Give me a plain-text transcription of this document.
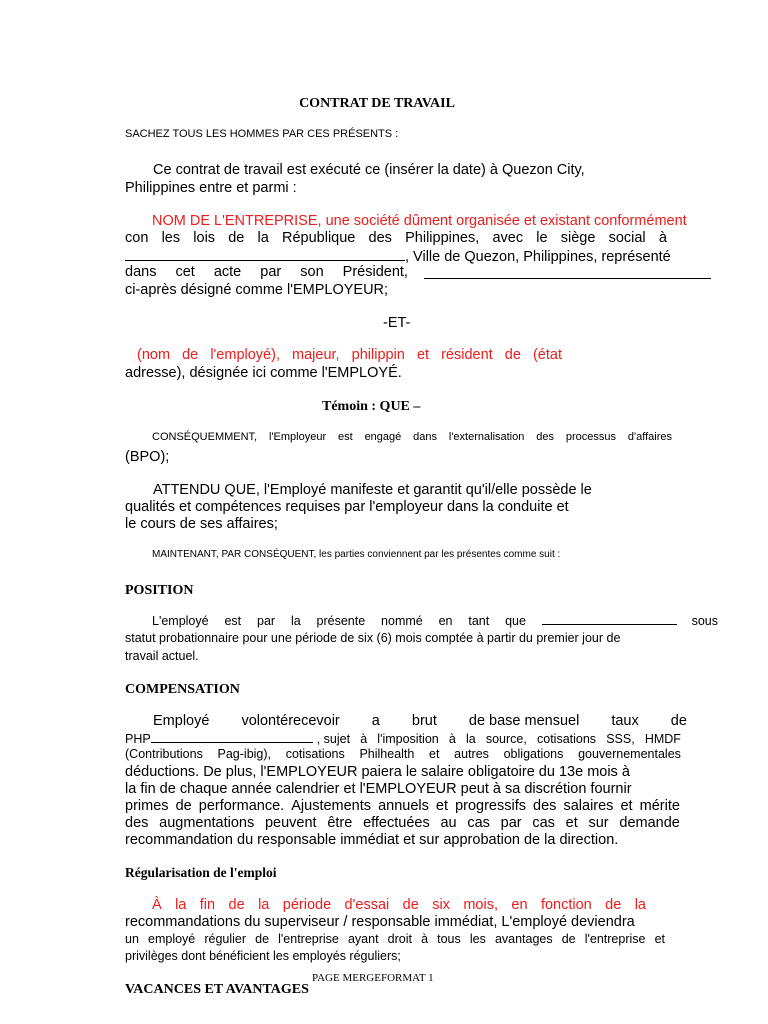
CONTRAT DE TRAVAIL
SACHEZ TOUS LES HOMMES PAR CES PRÉSENTS :
Ce contrat de travail est exécuté ce (insérer la date) à Quezon City,
Philippines entre et parmi :
NOM DE L'ENTREPRISE, une société dûment organisée et existant conformément
con les lois de la République des Philippines, avec le siège social à
, Ville de Quezon, Philippines, représenté
dans cet acte par son Président,
ci-après désigné comme l'EMPLOYEUR;
-ET-
(nom de l'employé), majeur, philippin et résident de (état
adresse), désignée ici comme l'EMPLOYÉ.
Témoin : QUE –
CONSÉQUEMMENT, l'Employeur est engagé dans l'externalisation des processus d'affaires
(BPO);
ATTENDU QUE, l'Employé manifeste et garantit qu'il/elle possède le
qualités et compétences requises par l'employeur dans la conduite et
le cours de ses affaires;
MAINTENANT, PAR CONSÉQUENT, les parties conviennent par les présentes comme suit :
POSITION
L'employé est par la présente nommé en tant que	sous
statut probationnaire pour une période de six (6) mois comptée à partir du premier jour de
travail actuel.
COMPENSATION
Employé volontérecevoir a brut de base mensuel taux de
PHP	, sujet à l'imposition à la source, cotisations SSS, HMDF
(Contributions Pag-ibig), cotisations Philhealth et autres obligations gouvernementales
déductions. De plus, l'EMPLOYEUR paiera le salaire obligatoire du 13e mois à
la fin de chaque année calendrier et l'EMPLOYEUR peut à sa discrétion fournir
primes de performance. Ajustements annuels et progressifs des salaires et mérite
des augmentations peuvent être effectuées au cas par cas et sur demande
recommandation du responsable immédiat et sur approbation de la direction.
Régularisation de l'emploi
À la fin de la période d'essai de six mois, en fonction de la
recommandations du superviseur / responsable immédiat, L'employé deviendra
un employé régulier de l'entreprise ayant droit à tous les avantages de l'entreprise et
privilèges dont bénéficient les employés réguliers;
PAGE MERGEFORMAT 1
VACANCES ET AVANTAGES
